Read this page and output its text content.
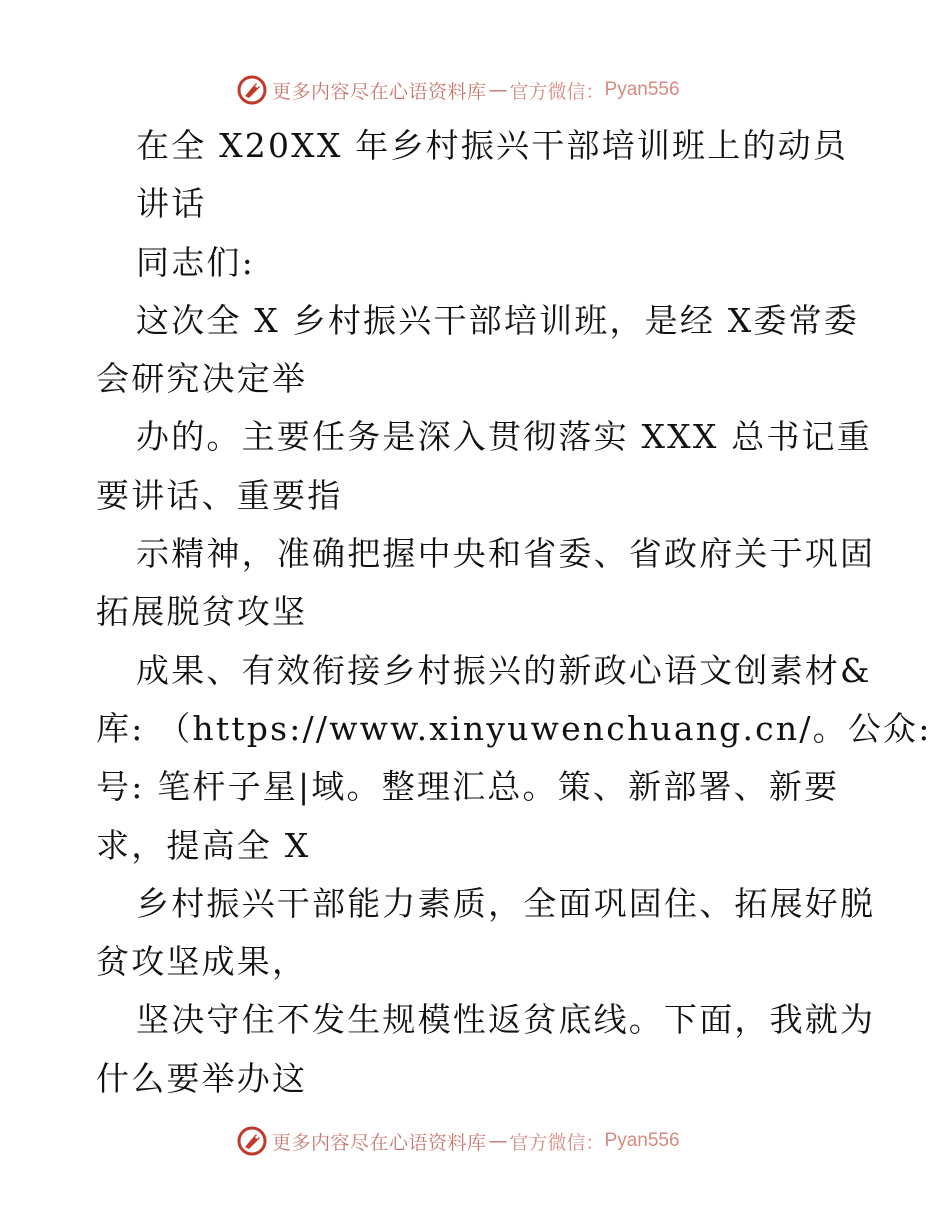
更多内容尽在心语资料库 — 官方微信： Pyan556
在全 X20XX 年乡村振兴干部培训班上的动员
讲话
同志们:
这次全 X 乡村振兴干部培训班，是经 X委常委
会研究决定举
办的。主要任务是深入贯彻落实 XXX 总书记重
要讲话、重要指
示精神，准确把握中央和省委、省政府关于巩固
拓展脱贫攻坚
成果、有效衔接乡村振兴的新政心语文创素材&
库: （https://www.xinyuwenchuang.cn/。公众:
号: 笔杆子星|域。整理汇总。策、新部署、新要
求，提高全 X
乡村振兴干部能力素质，全面巩固住、拓展好脱
贫攻坚成果，
坚决守住不发生规模性返贫底线。下面，我就为
什么要举办这
更多内容尽在心语资料库 — 官方微信： Pyan556
